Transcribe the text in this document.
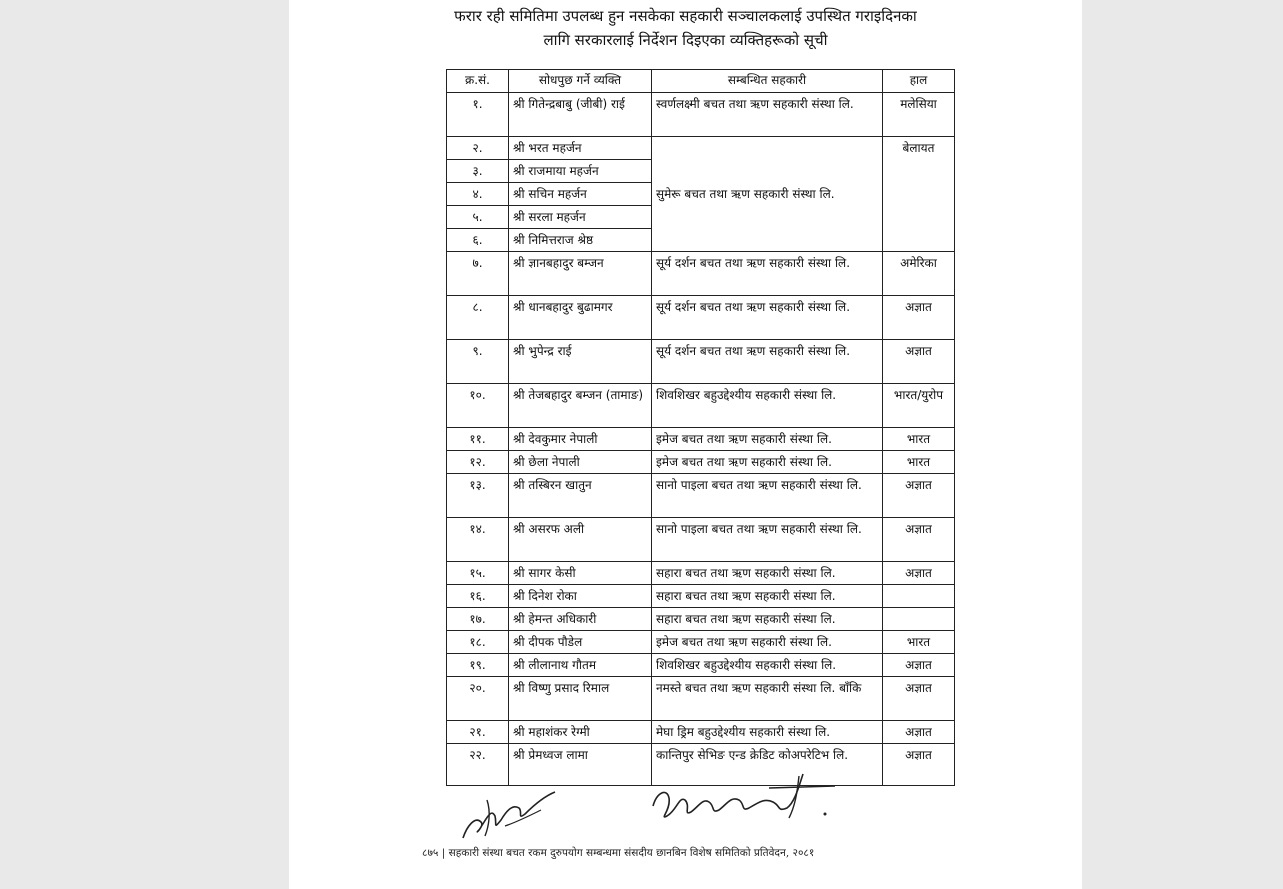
फरार रही समितिमा उपलब्ध हुन नसकेका सहकारी सञ्चालकलाई उपस्थित गराइदिनका
लागि सरकारलाई निर्देशन दिइएका व्यक्तिहरूको सूची
क्र.सं.	सोधपुछ गर्ने व्यक्ति	सम्बन्धित सहकारी	हाल
१.	श्री गितेन्द्रबाबु (जीबी) राई	स्वर्णलक्ष्मी बचत तथा ऋण सहकारी संस्था लि.	मलेसिया
२.	श्री भरत महर्जन	सुमेरू बचत तथा ऋण सहकारी संस्था लि.	बेलायत
३.	श्री राजमाया महर्जन		
४.	श्री सचिन महर्जन		
५.	श्री सरला महर्जन		
६.	श्री निमित्तराज श्रेष्ठ		
७.	श्री ज्ञानबहादुर बम्जन	सूर्य दर्शन बचत तथा ऋण सहकारी संस्था लि.	अमेरिका
८.	श्री धानबहादुर बुढामगर	सूर्य दर्शन बचत तथा ऋण सहकारी संस्था लि.	अज्ञात
९.	श्री भुपेन्द्र राई	सूर्य दर्शन बचत तथा ऋण सहकारी संस्था लि.	अज्ञात
१०.	श्री तेजबहादुर बम्जन (तामाङ)	शिवशिखर बहुउद्देश्यीय सहकारी संस्था लि.	भारत/युरोप
११.	श्री देवकुमार नेपाली	इमेज बचत तथा ऋण सहकारी संस्था लि.	भारत
१२.	श्री छेला नेपाली	इमेज बचत तथा ऋण सहकारी संस्था लि.	भारत
१३.	श्री तस्बिरन खातुन	सानो पाइला बचत तथा ऋण सहकारी संस्था लि.	अज्ञात
१४.	श्री असरफ अली	सानो पाइला बचत तथा ऋण सहकारी संस्था लि.	अज्ञात
१५.	श्री सागर केसी	सहारा बचत तथा ऋण सहकारी संस्था लि.	अज्ञात
१६.	श्री दिनेश रोका	सहारा बचत तथा ऋण सहकारी संस्था लि.	
१७.	श्री हेमन्त अधिकारी	सहारा बचत तथा ऋण सहकारी संस्था लि.	
१८.	श्री दीपक पौडेल	इमेज बचत तथा ऋण सहकारी संस्था लि.	भारत
१९.	श्री लीलानाथ गौतम	शिवशिखर बहुउद्देश्यीय सहकारी संस्था लि.	अज्ञात
२०.	श्री विष्णु प्रसाद रिमाल	नमस्ते बचत तथा ऋण सहकारी संस्था लि. बाँकि	अज्ञात
२१.	श्री महाशंकर रेग्मी	मेघा ड्रिम बहुउद्देश्यीय सहकारी संस्था लि.	अज्ञात
२२.	श्री प्रेमध्वज लामा	कान्तिपुर सेभिङ एन्ड क्रेडिट कोअपरेटिभ लि.	अज्ञात
८७५ | सहकारी संस्था बचत रकम दुरुपयोग सम्बन्धमा संसदीय छानबिन विशेष समितिको प्रतिवेदन, २०८१
